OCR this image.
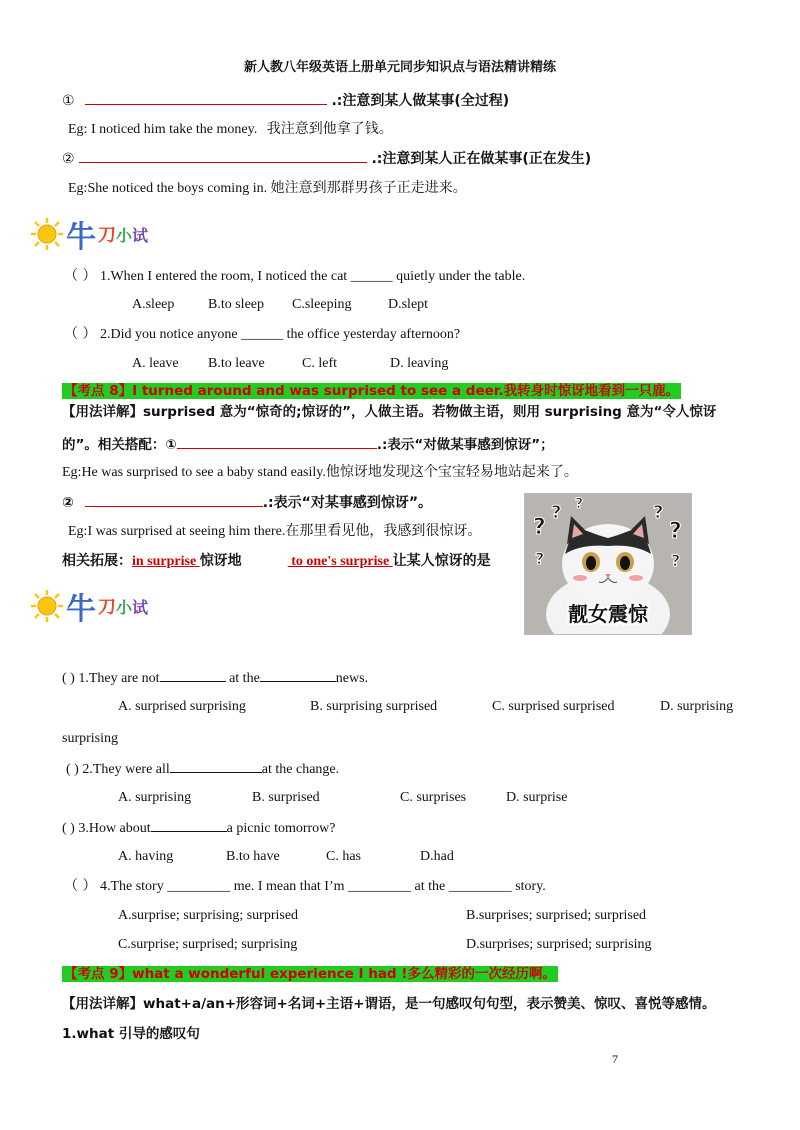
新人教八年级英语上册单元同步知识点与语法精讲精练
①	.:注意到某人做某事(全过程)
Eg: I noticed him take the money. 我注意到他拿了钱。
②	.:注意到某人正在做某事(正在发生)
Eg:She noticed the boys coming in. 她注意到那群男孩子正走进来。
牛 刀 小 试
（ ） 1.When I entered the room, I noticed the cat ______ quietly under the table.
A.sleep B.to sleep C.sleeping	D.slept
（ ） 2.Did you notice anyone ______ the office yesterday afternoon?
A. leave B.to leave	C. left	D. leaving
【考点 8】I turned around and was surprised to see a deer.我转身时惊讶地看到一只鹿。
【用法详解】surprised 意为“惊奇的;惊讶的”，人做主语。若物做主语，则用 surprising 意为“令人惊讶
的”。相关搭配：①	.:表示“对做某事感到惊讶”；
Eg:He was surprised to see a baby stand easily.他惊讶地发现这个宝宝轻易地站起来了。
②	.:表示“对某事感到惊讶”。
Eg:I was surprised at seeing him there.在那里看见他，我感到很惊讶。
相关拓展：in surprise 惊讶地	to one's surprise 让某人惊讶的是
?
? ?	?
?
?	?
靓女震惊
牛 刀 小 试
( ) 1.They are not	at the	news.
A. surprised surprising	B. surprising surprised	C. surprised surprised	D. surprising
surprising
( ) 2.They were all	at the change.
A. surprising	B. surprised	C. surprises	D. surprise
( ) 3.How about	a picnic tomorrow?
A. having	B.to have	C. has	D.had
（ ） 4.The story _________ me. I mean that I’m _________ at the _________ story.
A.surprise; surprising; surprised	B.surprises; surprised; surprised
C.surprise; surprised; surprising	D.surprises; surprised; surprising
【考点 9】what a wonderful experience I had !多么精彩的一次经历啊。
【用法详解】what+a/an+形容词+名词+主语+谓语，是一句感叹句句型，表示赞美、惊叹、喜悦等感情。
1.what 引导的感叹句
7
